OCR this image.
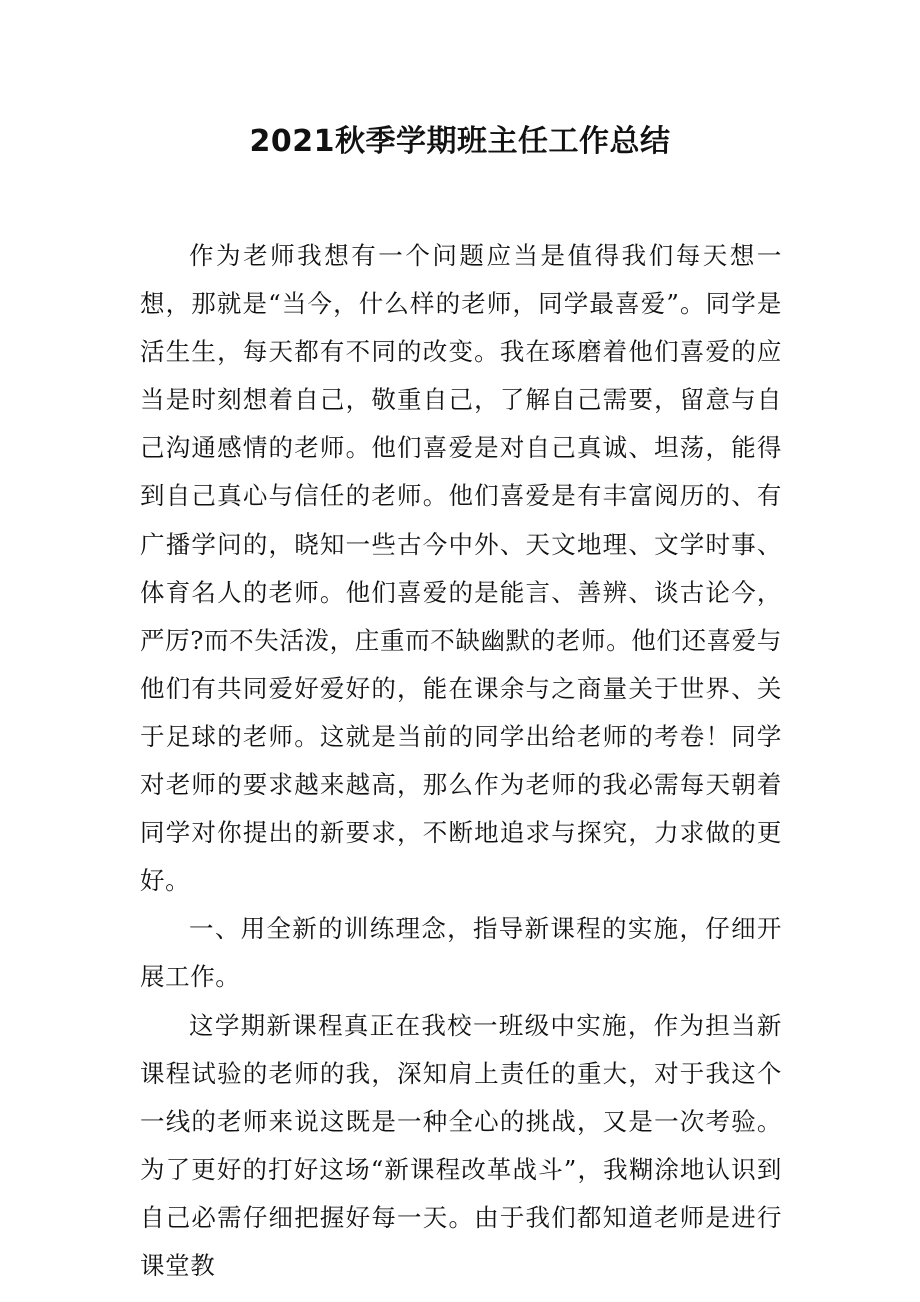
2021秋季学期班主任工作总结

作为老师我想有一个问题应当是值得我们每天想一想，那就是“当今，什么样的老师，同学最喜爱”。同学是活生生，每天都有不同的改变。我在琢磨着他们喜爱的应当是时刻想着自己，敬重自己，了解自己需要，留意与自己沟通感情的老师。他们喜爱是对自己真诚、坦荡，能得到自己真心与信任的老师。他们喜爱是有丰富阅历的、有广播学问的，晓知一些古今中外、天文地理、文学时事、体育名人的老师。他们喜爱的是能言、善辨、谈古论今，严厉?而不失活泼，庄重而不缺幽默的老师。他们还喜爱与他们有共同爱好爱好的，能在课余与之商量关于世界、关于足球的老师。这就是当前的同学出给老师的考卷！同学对老师的要求越来越高，那么作为老师的我必需每天朝着同学对你提出的新要求，不断地追求与探究，力求做的更好。

一、用全新的训练理念，指导新课程的实施，仔细开展工作。

这学期新课程真正在我校一班级中实施，作为担当新课程试验的老师的我，深知肩上责任的重大，对于我这个一线的老师来说这既是一种全心的挑战，又是一次考验。为了更好的打好这场“新课程改革战斗”，我糊涂地认识到自己必需仔细把握好每一天。由于我们都知道老师是进行课堂教
